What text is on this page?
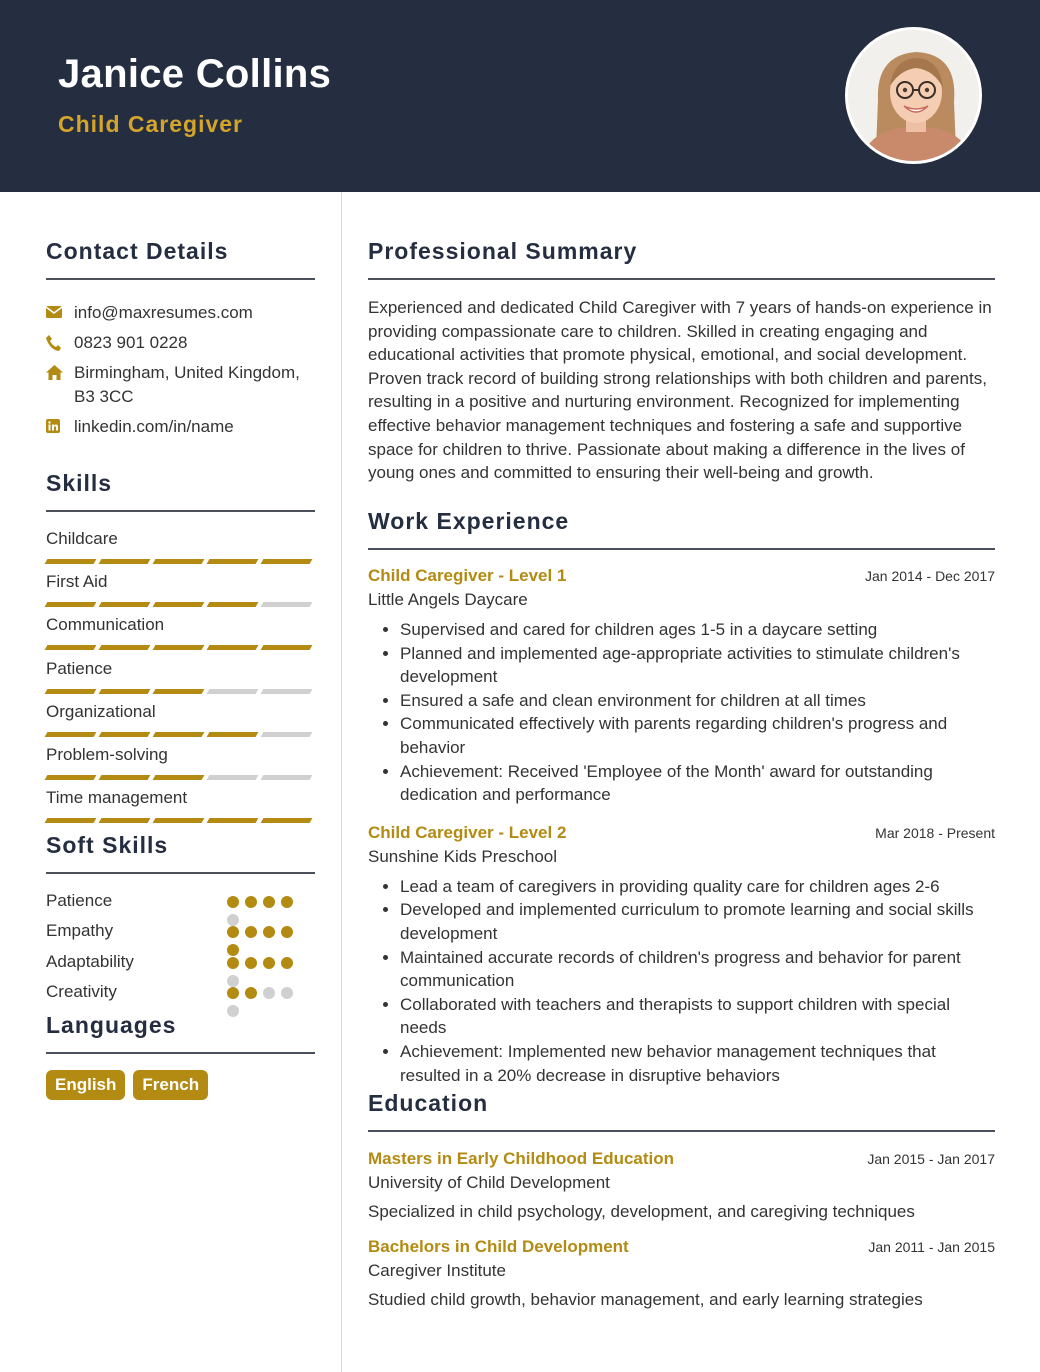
Janice Collins
Child Caregiver
Contact Details
info@maxresumes.com
0823 901 0228
Birmingham, United Kingdom, B3 3CC
linkedin.com/in/name
Skills
Childcare
First Aid
Communication
Patience
Organizational
Problem-solving
Time management
Soft Skills
Patience
Empathy
Adaptability
Creativity
Languages
English	French
Professional Summary

Experienced and dedicated Child Caregiver with 7 years of hands-on experience in providing compassionate care to children. Skilled in creating engaging and educational activities that promote physical, emotional, and social development. Proven track record of building strong relationships with both children and parents, resulting in a positive and nurturing environment. Recognized for implementing effective behavior management techniques and fostering a safe and supportive space for children to thrive. Passionate about making a difference in the lives of young ones and committed to ensuring their well-being and growth.

Work Experience
Child Caregiver - Level 1	Jan 2014 - Dec 2017
Little Angels Daycare
• Supervised and cared for children ages 1-5 in a daycare setting
• Planned and implemented age-appropriate activities to stimulate children's development
• Ensured a safe and clean environment for children at all times
• Communicated effectively with parents regarding children's progress and behavior
• Achievement: Received 'Employee of the Month' award for outstanding dedication and performance
Child Caregiver - Level 2	Mar 2018 - Present
Sunshine Kids Preschool
• Lead a team of caregivers in providing quality care for children ages 2-6
• Developed and implemented curriculum to promote learning and social skills development
• Maintained accurate records of children's progress and behavior for parent communication
• Collaborated with teachers and therapists to support children with special needs
• Achievement: Implemented new behavior management techniques that resulted in a 20% decrease in disruptive behaviors
Education
Masters in Early Childhood Education	Jan 2015 - Jan 2017
University of Child Development
Specialized in child psychology, development, and caregiving techniques
Bachelors in Child Development	Jan 2011 - Jan 2015
Caregiver Institute
Studied child growth, behavior management, and early learning strategies
